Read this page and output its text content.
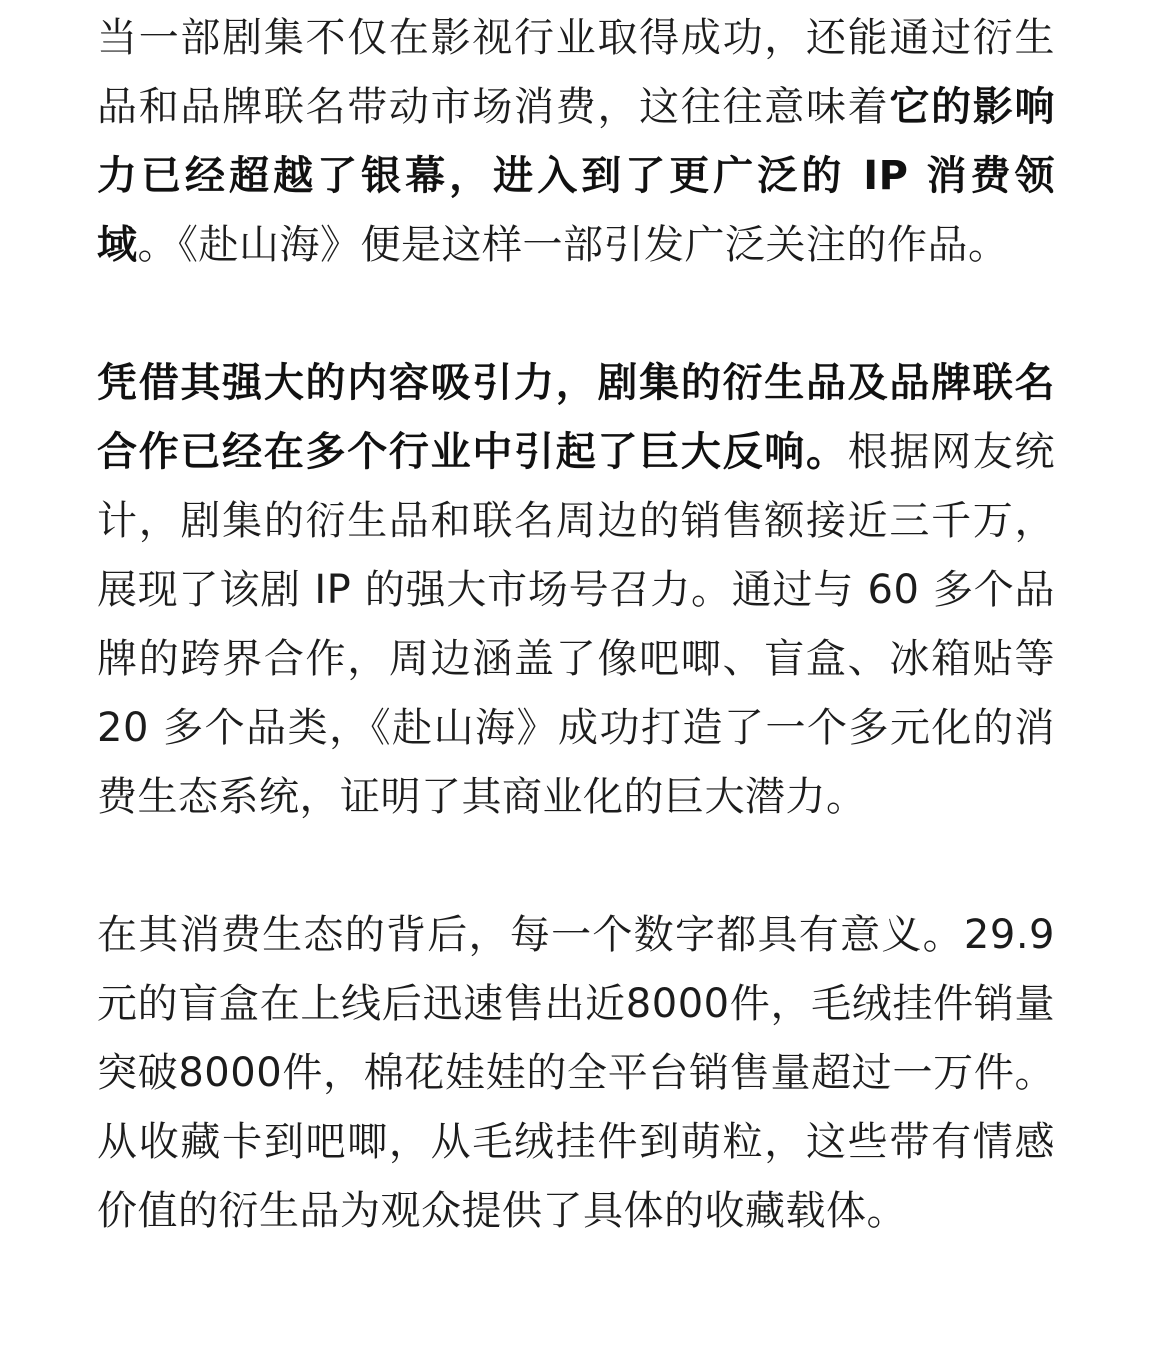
当一部剧集不仅在影视行业取得成功，还能通过衍生品和品牌联名带动市场消费，这往往意味着它的影响力已经超越了银幕，进入到了更广泛的 IP 消费领域。《赴山海》便是这样一部引发广泛关注的作品。

凭借其强大的内容吸引力，剧集的衍生品及品牌联名合作已经在多个行业中引起了巨大反响。根据网友统计，剧集的衍生品和联名周边的销售额接近三千万，展现了该剧 IP 的强大市场号召力。通过与 60 多个品牌的跨界合作，周边涵盖了像吧唧、盲盒、冰箱贴等 20 多个品类，《赴山海》成功打造了一个多元化的消费生态系统，证明了其商业化的巨大潜力。

在其消费生态的背后，每一个数字都具有意义。29.9元的盲盒在上线后迅速售出近8000件，毛绒挂件销量突破8000件，棉花娃娃的全平台销售量超过一万件。从收藏卡到吧唧，从毛绒挂件到萌粒，这些带有情感价值的衍生品为观众提供了具体的收藏载体。
